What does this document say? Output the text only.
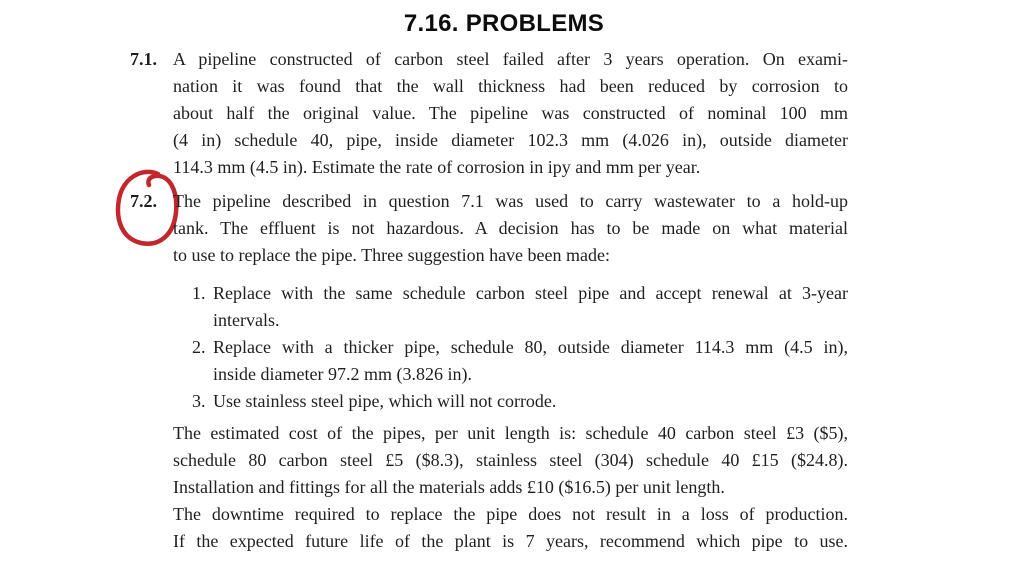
7.16. PROBLEMS
7.1. A pipeline constructed of carbon steel failed after 3 years operation. On exami-
nation it was found that the wall thickness had been reduced by corrosion to
about half the original value. The pipeline was constructed of nominal 100 mm
(4 in) schedule 40, pipe, inside diameter 102.3 mm (4.026 in), outside diameter
114.3 mm (4.5 in). Estimate the rate of corrosion in ipy and mm per year.
7.2. The pipeline described in question 7.1 was used to carry wastewater to a hold-up
tank. The effluent is not hazardous. A decision has to be made on what material
to use to replace the pipe. Three suggestion have been made:
1. Replace with the same schedule carbon steel pipe and accept renewal at 3-year
intervals.
2. Replace with a thicker pipe, schedule 80, outside diameter 114.3 mm (4.5 in),
inside diameter 97.2 mm (3.826 in).
3. Use stainless steel pipe, which will not corrode.
The estimated cost of the pipes, per unit length is: schedule 40 carbon steel £3 ($5),
schedule 80 carbon steel £5 ($8.3), stainless steel (304) schedule 40 £15 ($24.8).
Installation and fittings for all the materials adds £10 ($16.5) per unit length.
The downtime required to replace the pipe does not result in a loss of production.
If the expected future life of the plant is 7 years, recommend which pipe to use.
